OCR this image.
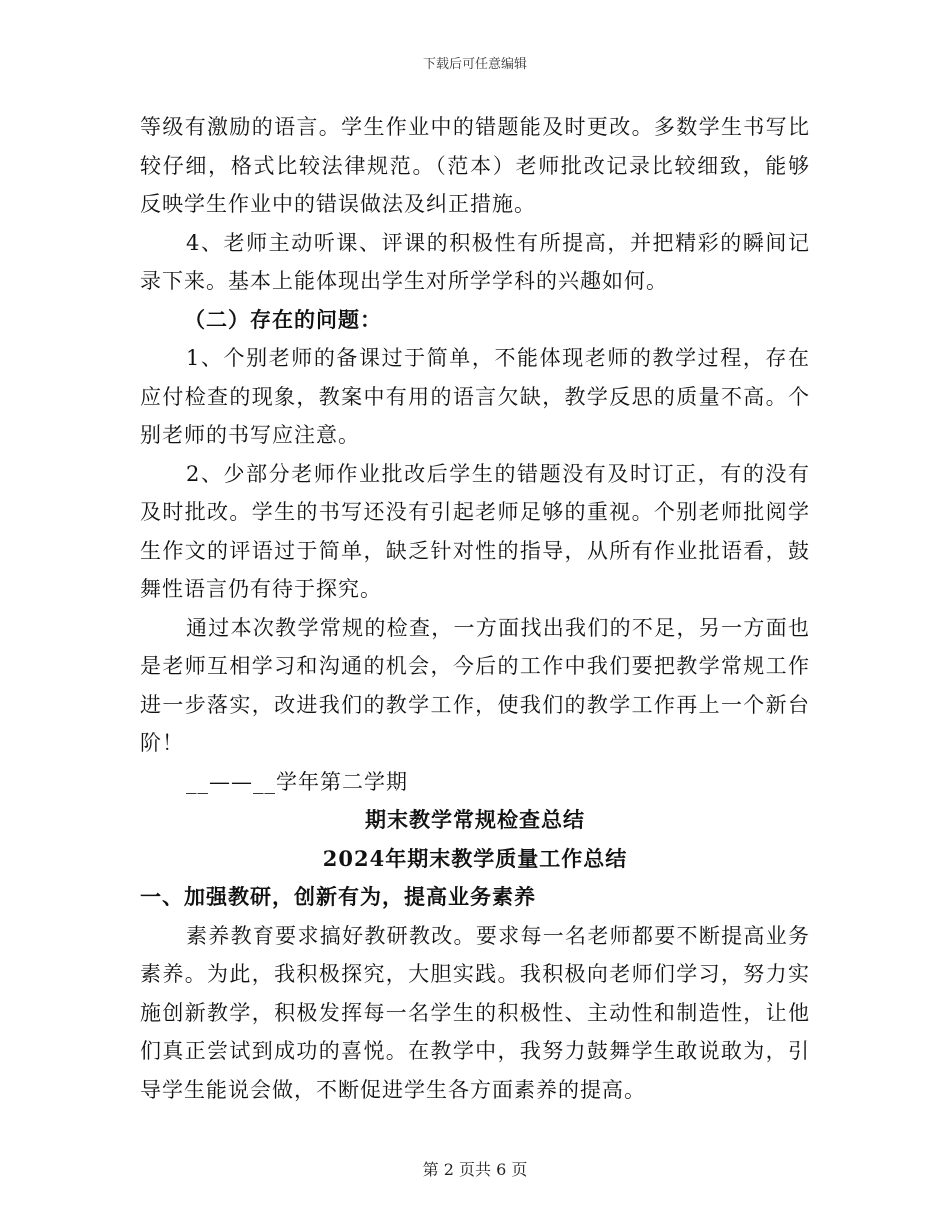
下载后可任意编辑

等级有激励的语言。学生作业中的错题能及时更改。多数学生书写比较仔细，格式比较法律规范。（范本）老师批改记录比较细致，能够反映学生作业中的错误做法及纠正措施。

4、老师主动听课、评课的积极性有所提高，并把精彩的瞬间记录下来。基本上能体现出学生对所学学科的兴趣如何。

（二）存在的问题：

1、个别老师的备课过于简单，不能体现老师的教学过程，存在应付检查的现象，教案中有用的语言欠缺，教学反思的质量不高。个别老师的书写应注意。

2、少部分老师作业批改后学生的错题没有及时订正，有的没有及时批改。学生的书写还没有引起老师足够的重视。个别老师批阅学生作文的评语过于简单，缺乏针对性的指导，从所有作业批语看，鼓舞性语言仍有待于探究。

通过本次教学常规的检查，一方面找出我们的不足，另一方面也是老师互相学习和沟通的机会，今后的工作中我们要把教学常规工作进一步落实，改进我们的教学工作，使我们的教学工作再上一个新台阶！

__——__学年第二学期

期末教学常规检查总结

2024年期末教学质量工作总结

一、加强教研，创新有为，提高业务素养

素养教育要求搞好教研教改。要求每一名老师都要不断提高业务素养。为此，我积极探究，大胆实践。我积极向老师们学习，努力实施创新教学，积极发挥每一名学生的积极性、主动性和制造性，让他们真正尝试到成功的喜悦。在教学中，我努力鼓舞学生敢说敢为，引导学生能说会做，不断促进学生各方面素养的提高。

第 2 页共 6 页
